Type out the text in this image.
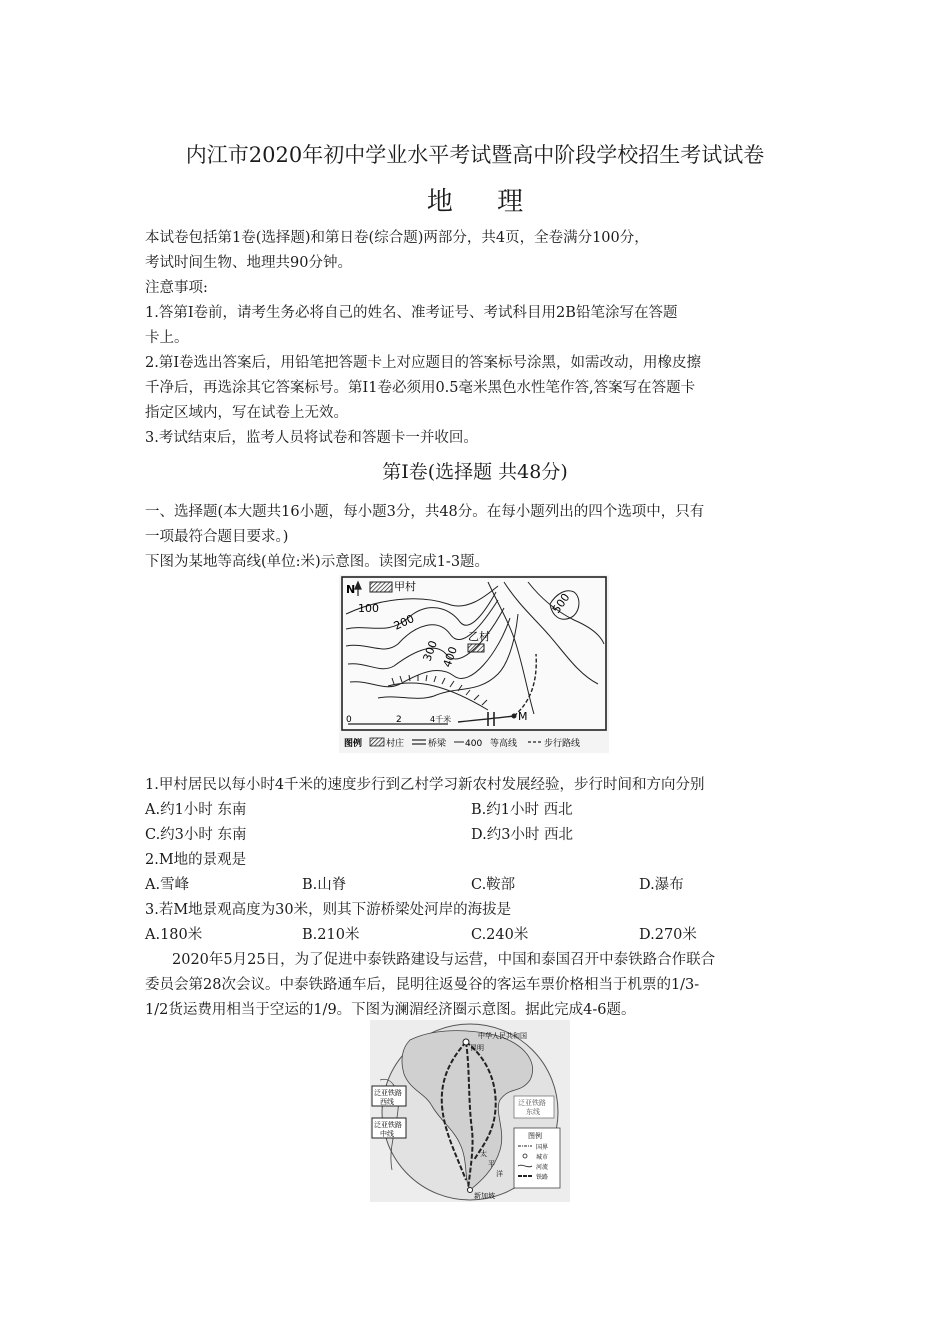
内江市2020年初中学业水平考试暨高中阶段学校招生考试试卷
地 理
本试卷包括第1卷(选择题)和第日卷(综合题)两部分，共4页，全卷满分100分，
考试时间生物、地理共90分钟。
注意事项:
1.答第Ⅰ卷前，请考生务必将自己的姓名、准考证号、考试科目用2B铅笔涂写在答题
卡上。
2.第Ⅰ卷选出答案后，用铅笔把答题卡上对应题目的答案标号涂黑，如需改动，用橡皮擦
千净后，再选涂其它答案标号。第I1卷必须用0.5毫米黑色水性笔作答,答案写在答题卡
指定区域内，写在试卷上无效。
3.考试结束后，监考人员将试卷和答题卡一并收回。
第Ⅰ卷(选择题 共48分)
一、选择题(本大题共16小题，每小题3分，共48分。在每小题列出的四个选项中，只有
一项最符合题目要求。)
下图为某地等高线(单位:米)示意图。读图完成1-3题。
N	甲村
乙村
100
200
300 400
500
M
0	2	4千米
图例	村庄	桥梁 400 等高线	步行路线
1.甲村居民以每小时4千米的速度步行到乙村学习新农村发展经验，步行时间和方向分别
A.约1小时 东南	B.约1小时 西北
C.约3小时 东南	D.约3小时 西北
2.M地的景观是
A.雪峰	B.山脊	C.鞍部	D.瀑布
3.若M地景观高度为30米，则其下游桥梁处河岸的海拔是
A.180米	B.210米	C.240米	D.270米
2020年5月25日，为了促进中泰铁路建设与运营，中国和泰国召开中泰铁路合作联合
委员会第28次会议。中泰铁路通车后，昆明往返曼谷的客运车票价格相当于机票的1/3-
1/2货运费用相当于空运的1/9。下图为澜湄经济圈示意图。据此完成4-6题。
中华人民共和国
昆明
泛亚铁路
西线
泛亚铁路
中线
泛亚铁路
东线
太
平
洋
新加坡
图例
国界
城市
河流
铁路
